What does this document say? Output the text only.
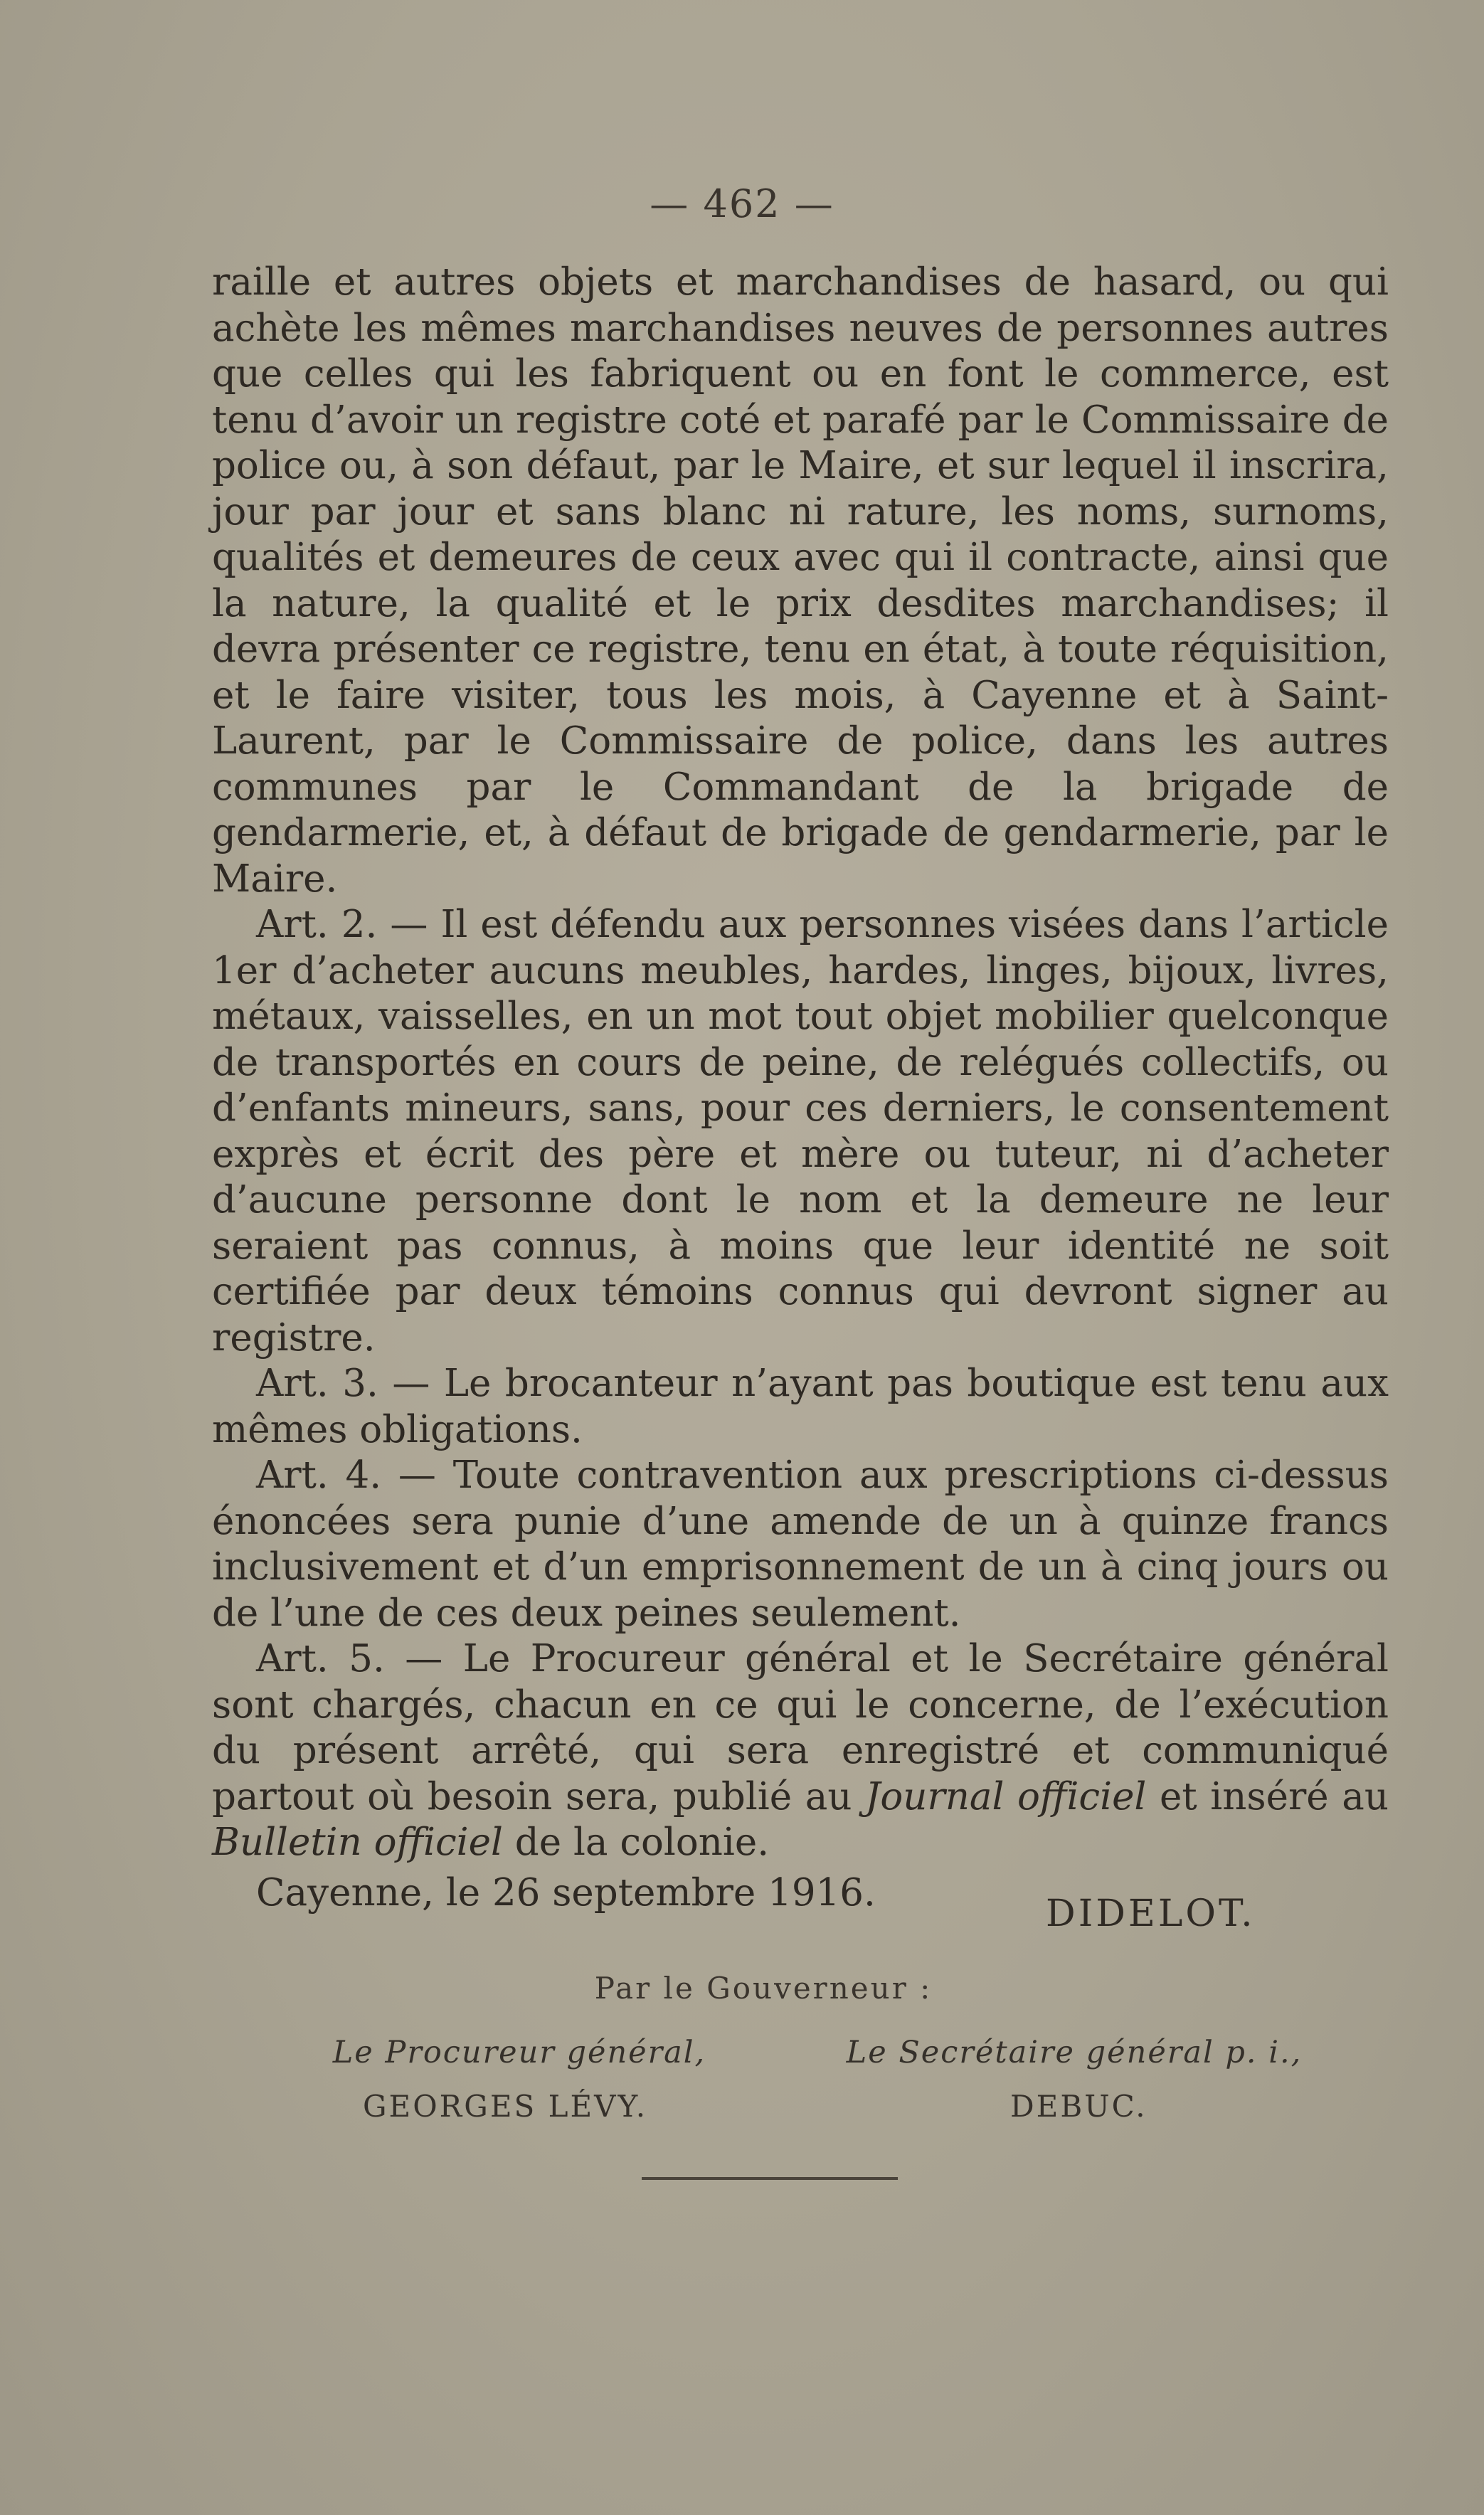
— 462 —

raille et autres objets et marchandises de hasard, ou qui achète les mêmes marchandises neuves de personnes autres que celles qui les fabriquent ou en font le commerce, est tenu d’avoir un registre coté et parafé par le Commissaire de police ou, à son défaut, par le Maire, et sur lequel il inscrira, jour par jour et sans blanc ni rature, les noms, surnoms, qualités et demeures de ceux avec qui il contracte, ainsi que la nature, la qualité et le prix desdites marchandises; il devra présenter ce registre, tenu en état, à toute réquisition, et le faire visiter, tous les mois, à Cayenne et à Saint-Laurent, par le Commissaire de police, dans les autres communes par le Commandant de la brigade de gendarmerie, et, à défaut de brigade de gendarmerie, par le Maire.

Art. 2. — Il est défendu aux personnes visées dans l’article 1er d’acheter aucuns meubles, hardes, linges, bijoux, livres, métaux, vaisselles, en un mot tout objet mobilier quelconque de transportés en cours de peine, de relégués collectifs, ou d’enfants mineurs, sans, pour ces derniers, le consentement exprès et écrit des père et mère ou tuteur, ni d’acheter d’aucune personne dont le nom et la demeure ne leur seraient pas connus, à moins que leur identité ne soit certifiée par deux témoins connus qui devront signer au registre.

Art. 3. — Le brocanteur n’ayant pas boutique est tenu aux mêmes obligations.

Art. 4. — Toute contravention aux prescriptions ci-dessus énoncées sera punie d’une amende de un à quinze francs inclusivement et d’un emprisonnement de un à cinq jours ou de l’une de ces deux peines seulement.

Art. 5. — Le Procureur général et le Secrétaire général sont chargés, chacun en ce qui le concerne, de l’exécution du présent arrêté, qui sera enregistré et communiqué partout où besoin sera, publié au Journal officiel et inséré au Bulletin officiel de la colonie.

Cayenne, le 26 septembre 1916.	DIDELOT.
Par le Gouverneur :
Le Procureur général,
GEORGES LÉVY.
Le Secrétaire général p. i.,
DEBUC.
